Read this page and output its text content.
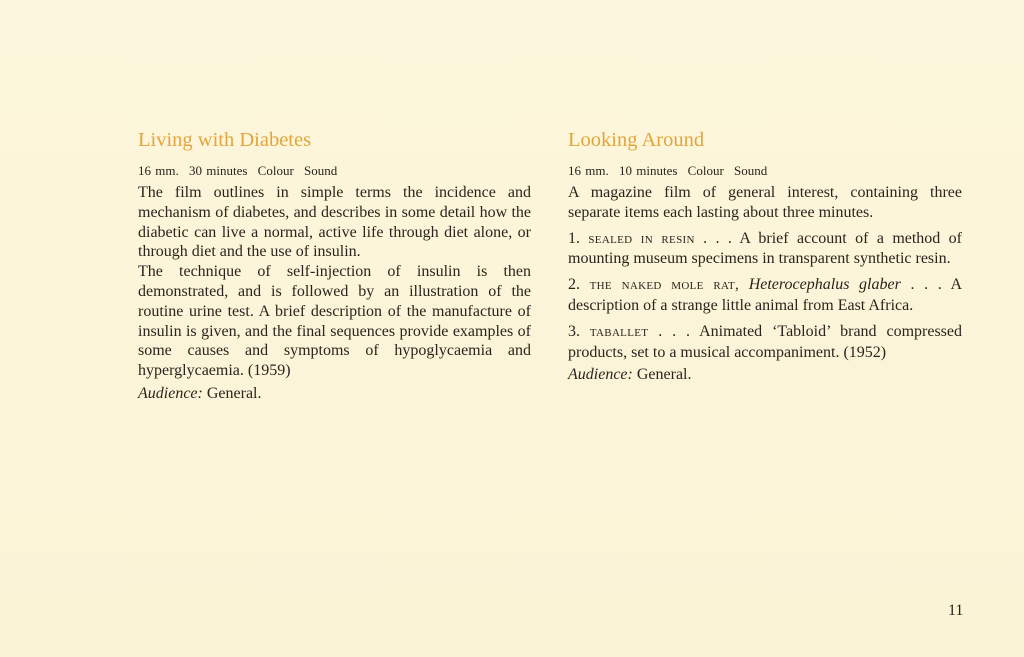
Living with Diabetes
16 mm. 30 minutes Colour Sound

The film outlines in simple terms the incidence and mechanism of diabetes, and describes in some detail how the diabetic can live a normal, active life through diet alone, or through diet and the use of insulin.

The technique of self-injection of insulin is then demonstrated, and is followed by an illustration of the routine urine test. A brief description of the manufacture of insulin is given, and the final sequences provide examples of some causes and symptoms of hypoglycaemia and hyperglycaemia. (1959)

Audience: General.

Looking Around
16 mm. 10 minutes Colour Sound

A magazine film of general interest, containing three separate items each lasting about three minutes.

1. sealed in resin . . . A brief account of a method of mounting museum specimens in transparent synthetic resin.

2. the naked mole rat, Heterocephalus glaber . . . A description of a strange little animal from East Africa.

3. taballet . . . Animated ‘Tabloid’ brand compressed products, set to a musical accompaniment. (1952)

Audience: General.

11
